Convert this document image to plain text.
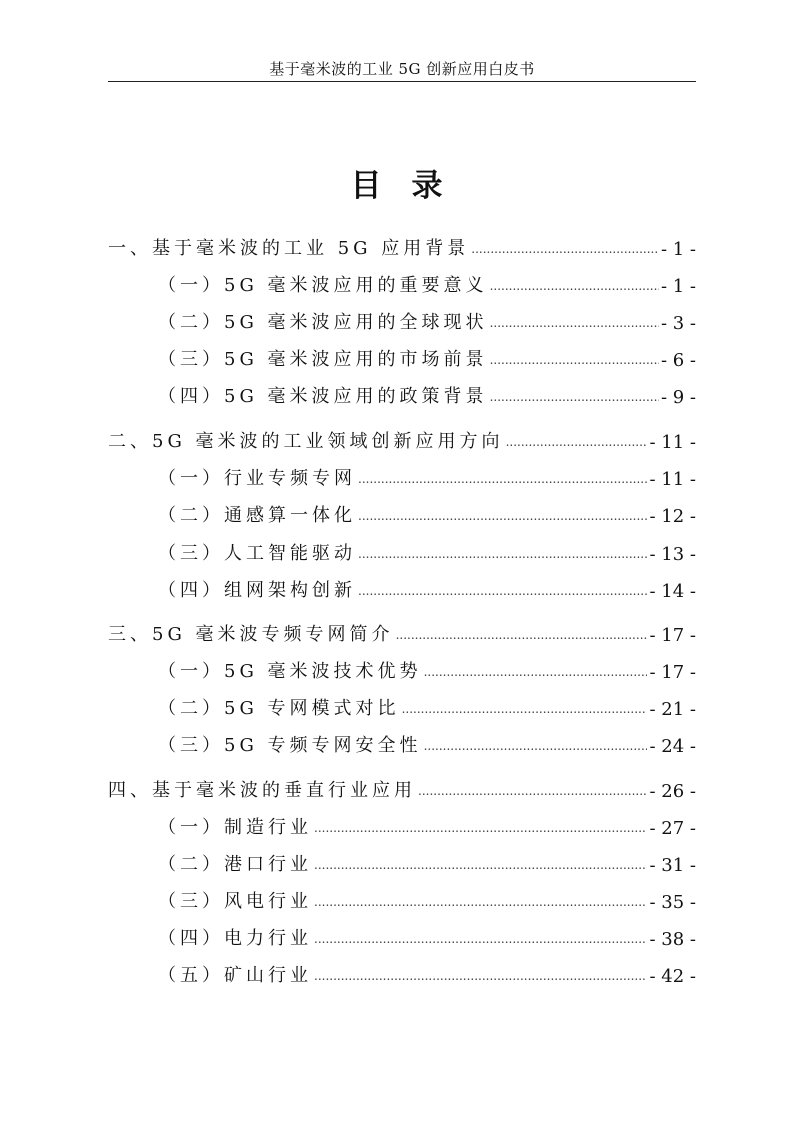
基于毫米波的工业 5G 创新应用白皮书
目录
一、基于毫米波的工业 5G 应用背景 .....	- 1 -
（一）5G 毫米波应用的重要意义 .....	- 1 -
（二）5G 毫米波应用的全球现状 .....	- 3 -
（三）5G 毫米波应用的市场前景 .....	- 6 -
（四）5G 毫米波应用的政策背景 .....	- 9 -
二、5G 毫米波的工业领域创新应用方向 .....	- 11 -
（一）行业专频专网 .....	- 11 -
（二）通感算一体化 .....	- 12 -
（三）人工智能驱动 .....	- 13 -
（四）组网架构创新 .....	- 14 -
三、5G 毫米波专频专网简介 .....	- 17 -
（一）5G 毫米波技术优势 .....	- 17 -
（二）5G 专网模式对比 .....	- 21 -
（三）5G 专频专网安全性 .....	- 24 -
四、基于毫米波的垂直行业应用 .....	- 26 -
（一）制造行业 .....	- 27 -
（二）港口行业 .....	- 31 -
（三）风电行业 .....	- 35 -
（四）电力行业 .....	- 38 -
（五）矿山行业 .....	- 42 -
